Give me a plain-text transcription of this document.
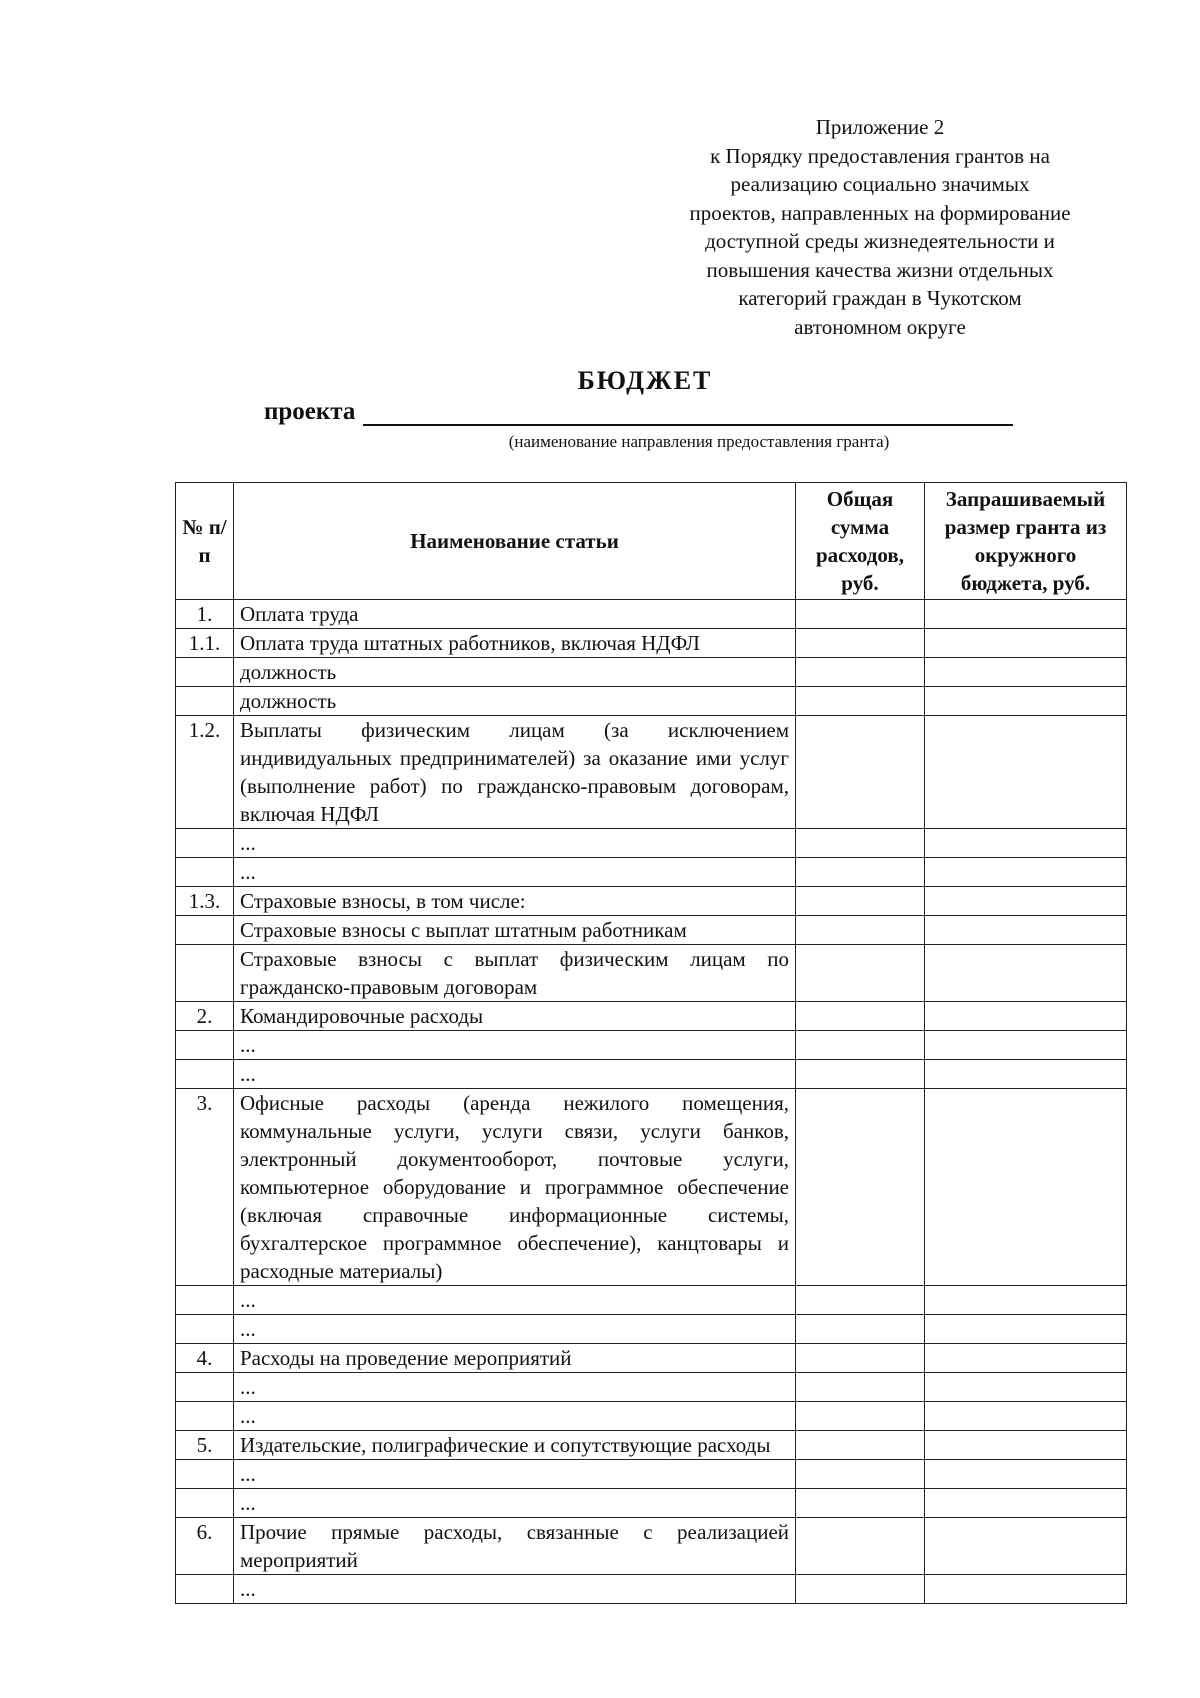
Приложение 2
к Порядку предоставления грантов на
реализацию социально значимых
проектов, направленных на формирование
доступной среды жизнедеятельности и
повышения качества жизни отдельных
категорий граждан в Чукотском
автономном округе
БЮДЖЕТ
проекта
(наименование направления предоставления гранта)
№ п/п	Наименование статьи	Общая сумма расходов, руб.	Запрашиваемый размер гранта из окружного бюджета, руб.
1.	Оплата труда		
1.1.	Оплата труда штатных работников, включая НДФЛ		
	должность		
	должность		
1.2.	Выплаты физическим лицам (за исключением индивидуальных предпринимателей) за оказание ими услуг (выполнение работ) по гражданско-правовым договорам, включая НДФЛ		
	...		
	...		
1.3.	Страховые взносы, в том числе:		
	Страховые взносы с выплат штатным работникам		
	Страховые взносы с выплат физическим лицам по гражданско-правовым договорам		
2.	Командировочные расходы		
	...		
	...		
3.	Офисные расходы (аренда нежилого помещения, коммунальные услуги, услуги связи, услуги банков, электронный документооборот, почтовые услуги, компьютерное оборудование и программное обеспечение (включая справочные информационные системы, бухгалтерское программное обеспечение), канцтовары и расходные материалы)		
	...		
	...		
4.	Расходы на проведение мероприятий		
	...		
	...		
5.	Издательские, полиграфические и сопутствующие расходы		
	...		
	...		
6.	Прочие прямые расходы, связанные с реализацией мероприятий		
	...		
